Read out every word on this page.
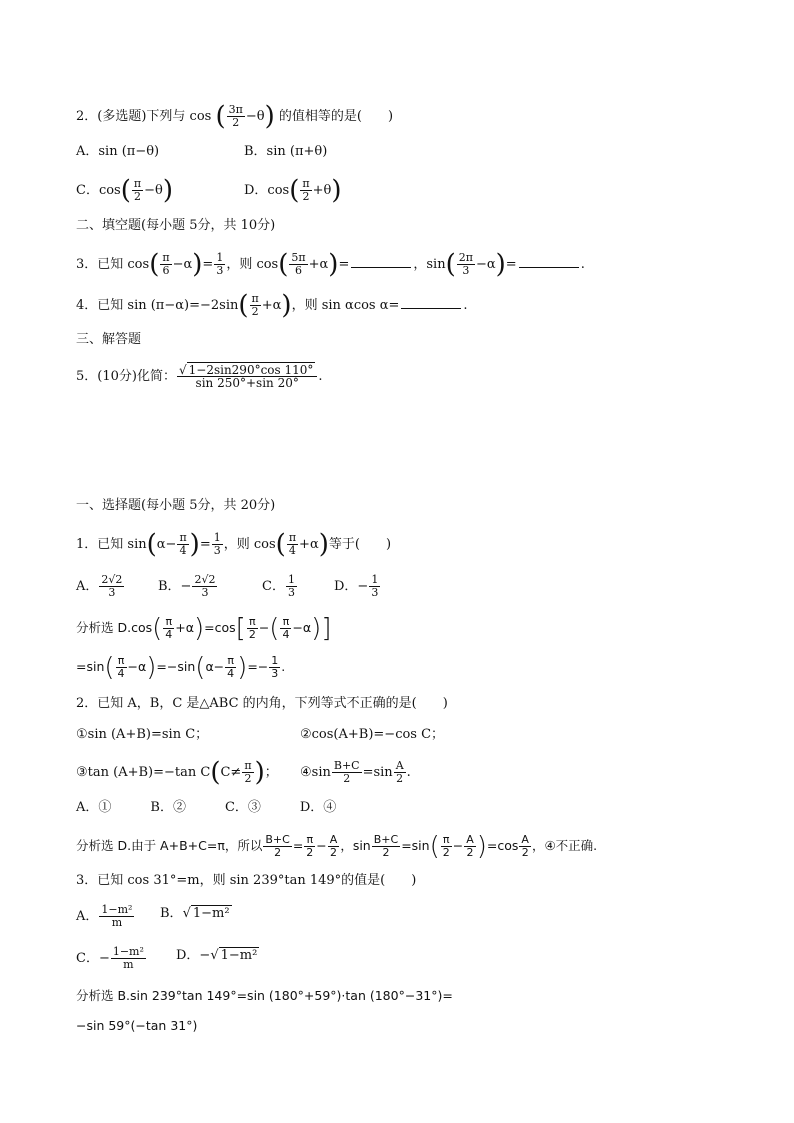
2．(多选题)下列与 cos ( $\frac{3\pi}{2} -\theta$) 的值相等的是(　　)
A．sin (π−θ)	B．sin (π+θ)
C．$\cos( \frac{\pi}{2} -\theta)$	D．$\cos( \frac{\pi}{2} +\theta)$
二、填空题(每小题 5分，共 10分)
3．已知 $\cos( \frac{\pi}{6} -\alpha)= \frac{1}{3}$ ，则 $\cos( \frac{5\pi}{6} +\alpha)=$	，$\sin( \frac{2\pi}{3} -\alpha)=$	.
4．已知 $\sin (\pi-\alpha)=-2\sin( \frac{\pi}{2} +\alpha)$，则 sin αcos α=	.
三、解答题
5．(10分)化简： $\frac{√ 1-2\sin 290^\circ\cos 110^\circ}{\sin 250^\circ+\sin 20^\circ}$ .
一、选择题(每小题 5分，共 20分)
1．已知 $\sin(\alpha- \frac{\pi}{4}$ )= $\frac{1}{3}$ ，则 $\cos( \frac{\pi}{4} +\alpha)$等于(　　)
A． $\frac{2√2}{3}$	B．− $\frac{2√2}{3}$	C． $\frac{1}{3}$	D．− $\frac{1}{3}$
分析选 $D.\cos( \frac{\pi}{4} +\alpha)=\cos[ \frac{\pi}{2}$ −( $\frac{\pi}{4} -\alpha$)]
$=\sin( \frac{\pi}{4} -\alpha)=-\sin(\alpha- \frac{\pi}{4}$ )=− $\frac{1}{3}$ .
2．已知 A，B，C 是△ABC 的内角，下列等式不正确的是(　　)
①sin (A+B)=sin C；	②cos(A+B)=−cos C；
③tan (A+B)=−tan $C(C\ne \frac{\pi}{2}$ )； ④sin $\frac{B+C}{2} =\sin \frac{A}{2}$ .
A．①　　　B．②　　　C．③　　　D．④
分析选 D.由于 A+B+C=π，所以 $\frac{B+C}{2} = \frac{\pi}{2} - \frac{A}{2}$ ，$\sin \frac{B+C}{2} =\sin( \frac{\pi}{2} - \frac{A}{2} )=\cos \frac{A}{2}$ ，④不正确.
3．已知 cos 31°=m，则 sin 239°tan 149°的值是(　　)
A． $\frac{\text{1−m²}}{m}$ B．√ 1−m²
C．− $\frac{\text{1−m²}}{m}$ D．−√ 1−m²
分析选 B.sin 239°tan 149°=sin (180°+59°)·tan (180°−31°)=
−sin 59°(−tan 31°)
